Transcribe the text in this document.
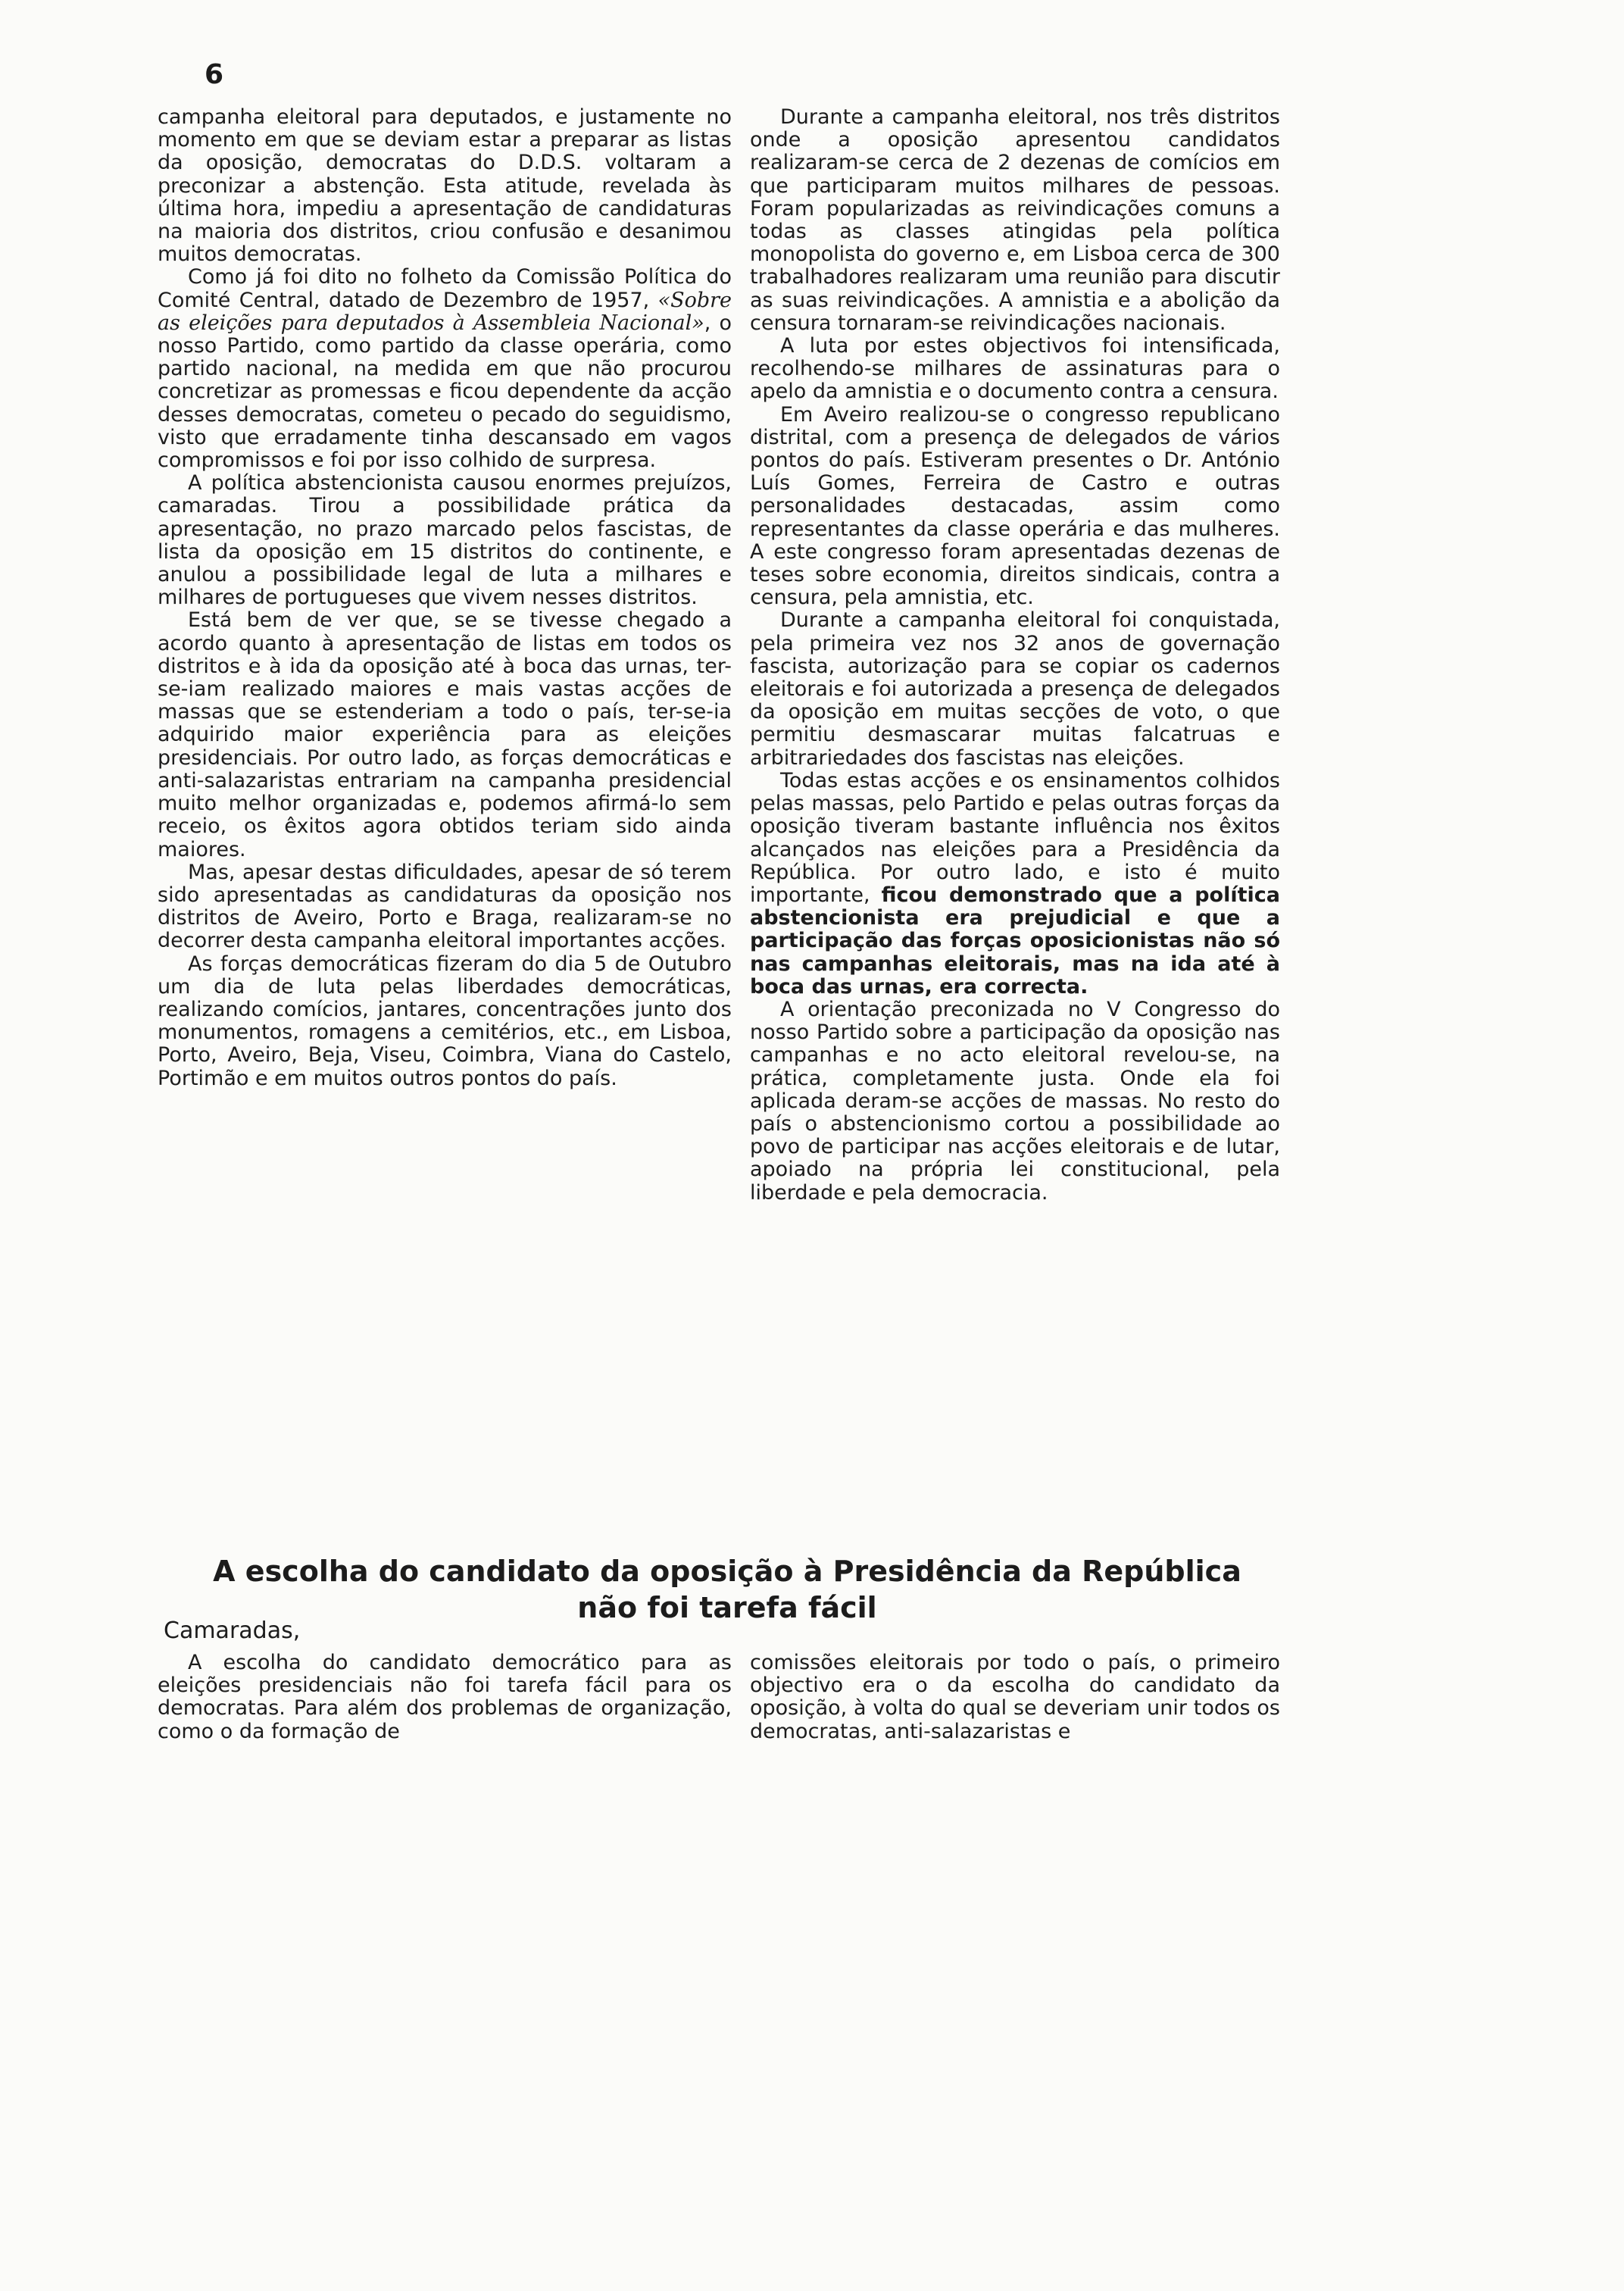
6

campanha eleitoral para deputados, e justamente no momento em que se deviam estar a preparar as listas da oposição, democratas do D.D.S. voltaram a preconizar a abstenção. Esta atitude, revelada às última hora, impediu a apresentação de candidaturas na maioria dos distritos, criou confusão e desanimou muitos democratas.

Como já foi dito no folheto da Comissão Política do Comité Central, datado de Dezembro de 1957, «Sobre as eleições para deputados à Assembleia Nacional», o nosso Partido, como partido da classe operária, como partido nacional, na medida em que não procurou concretizar as promessas e ficou dependente da acção desses democratas, cometeu o pecado do seguidismo, visto que erradamente tinha descansado em vagos compromissos e foi por isso colhido de surpresa.

A política abstencionista causou enormes prejuízos, camaradas. Tirou a possibilidade prática da apresentação, no prazo marcado pelos fascistas, de lista da oposição em 15 distritos do continente, e anulou a possibilidade legal de luta a milhares e milhares de portugueses que vivem nesses distritos.

Está bem de ver que, se se tivesse chegado a acordo quanto à apresentação de listas em todos os distritos e à ida da oposição até à boca das urnas, ter-se-iam realizado maiores e mais vastas acções de massas que se estenderiam a todo o país, ter-se-ia adquirido maior experiência para as eleições presidenciais. Por outro lado, as forças democráticas e anti-salazaristas entrariam na campanha presidencial muito melhor organizadas e, podemos afirmá-lo sem receio, os êxitos agora obtidos teriam sido ainda maiores.

Mas, apesar destas dificuldades, apesar de só terem sido apresentadas as candidaturas da oposição nos distritos de Aveiro, Porto e Braga, realizaram-se no decorrer desta campanha eleitoral importantes acções.

As forças democráticas fizeram do dia 5 de Outubro um dia de luta pelas liberdades democráticas, realizando comícios, jantares, concentrações junto dos monumentos, romagens a cemitérios, etc., em Lisboa, Porto, Aveiro, Beja, Viseu, Coimbra, Viana do Castelo, Portimão e em muitos outros pontos do país.

Durante a campanha eleitoral, nos três distritos onde a oposição apresentou candidatos realizaram-se cerca de 2 dezenas de comícios em que participaram muitos milhares de pessoas. Foram popularizadas as reivindicações comuns a todas as classes atingidas pela política monopolista do governo e, em Lisboa cerca de 300 trabalhadores realizaram uma reunião para discutir as suas reivindicações. A amnistia e a abolição da censura tornaram-se reivindicações nacionais.

A luta por estes objectivos foi intensificada, recolhendo-se milhares de assinaturas para o apelo da amnistia e o documento contra a censura.

Em Aveiro realizou-se o congresso republicano distrital, com a presença de delegados de vários pontos do país. Estiveram presentes o Dr. António Luís Gomes, Ferreira de Castro e outras personalidades destacadas, assim como representantes da classe operária e das mulheres. A este congresso foram apresentadas dezenas de teses sobre economia, direitos sindicais, contra a censura, pela amnistia, etc.

Durante a campanha eleitoral foi conquistada, pela primeira vez nos 32 anos de governação fascista, autorização para se copiar os cadernos eleitorais e foi autorizada a presença de delegados da oposição em muitas secções de voto, o que permitiu desmascarar muitas falcatruas e arbitrariedades dos fascistas nas eleições.

Todas estas acções e os ensinamentos colhidos pelas massas, pelo Partido e pelas outras forças da oposição tiveram bastante influência nos êxitos alcançados nas eleições para a Presidência da República. Por outro lado, e isto é muito importante, ficou demonstrado que a política abstencionista era prejudicial e que a participação das forças oposicionistas não só nas campanhas eleitorais, mas na ida até à boca das urnas, era correcta.

A orientação preconizada no V Congresso do nosso Partido sobre a participação da oposição nas campanhas e no acto eleitoral revelou-se, na prática, completamente justa. Onde ela foi aplicada deram-se acções de massas. No resto do país o abstencionismo cortou a possibilidade ao povo de participar nas acções eleitorais e de lutar, apoiado na própria lei constitucional, pela liberdade e pela democracia.

A escolha do candidato da oposição à Presidência da República
não foi tarefa fácil
Camaradas,

A escolha do candidato democrático para as eleições presidenciais não foi tarefa fácil para os democratas. Para além dos problemas de organização, como o da formação de

comissões eleitorais por todo o país, o primeiro objectivo era o da escolha do candidato da oposição, à volta do qual se deveriam unir todos os democratas, anti-salazaristas e
